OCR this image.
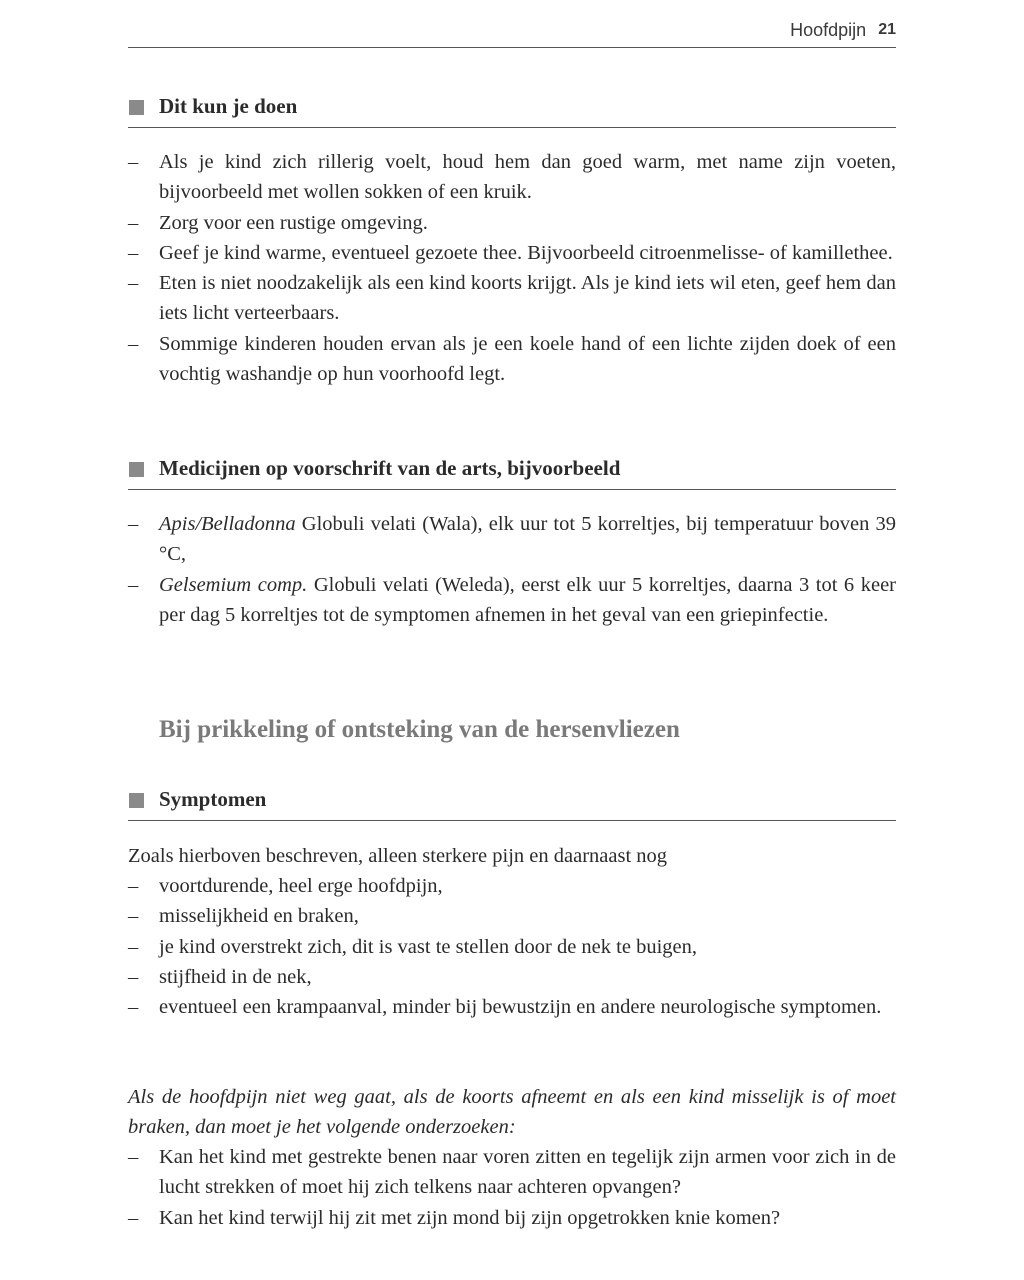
Hoofdpijn 21
Dit kun je doen
– Als je kind zich rillerig voelt, houd hem dan goed warm, met name zijn voeten, bijvoorbeeld met wollen sokken of een kruik.
– Zorg voor een rustige omgeving.
– Geef je kind warme, eventueel gezoete thee. Bijvoorbeeld citroenmelisse- of kamillethee.
– Eten is niet noodzakelijk als een kind koorts krijgt. Als je kind iets wil eten, geef hem dan iets licht verteerbaars.
– Sommige kinderen houden ervan als je een koele hand of een lichte zijden doek of een vochtig washandje op hun voorhoofd legt.
Medicijnen op voorschrift van de arts, bijvoorbeeld
– Apis/Belladonna Globuli velati (Wala), elk uur tot 5 korreltjes, bij temperatuur boven 39 °C,
– Gelsemium comp. Globuli velati (Weleda), eerst elk uur 5 korreltjes, daarna 3 tot 6 keer per dag 5 korreltjes tot de symptomen afnemen in het geval van een griepinfectie.
Bij prikkeling of ontsteking van de hersenvliezen
Symptomen

Zoals hierboven beschreven, alleen sterkere pijn en daarnaast nog

– voortdurende, heel erge hoofdpijn,
– misselijkheid en braken,
– je kind overstrekt zich, dit is vast te stellen door de nek te buigen,
– stijfheid in de nek,
– eventueel een krampaanval, minder bij bewustzijn en andere neurologische symptomen.

Als de hoofdpijn niet weg gaat, als de koorts afneemt en als een kind misselijk is of moet braken, dan moet je het volgende onderzoeken:

– Kan het kind met gestrekte benen naar voren zitten en tegelijk zijn armen voor zich in de lucht strekken of moet hij zich telkens naar achteren opvangen?
– Kan het kind terwijl hij zit met zijn mond bij zijn opgetrokken knie komen?
